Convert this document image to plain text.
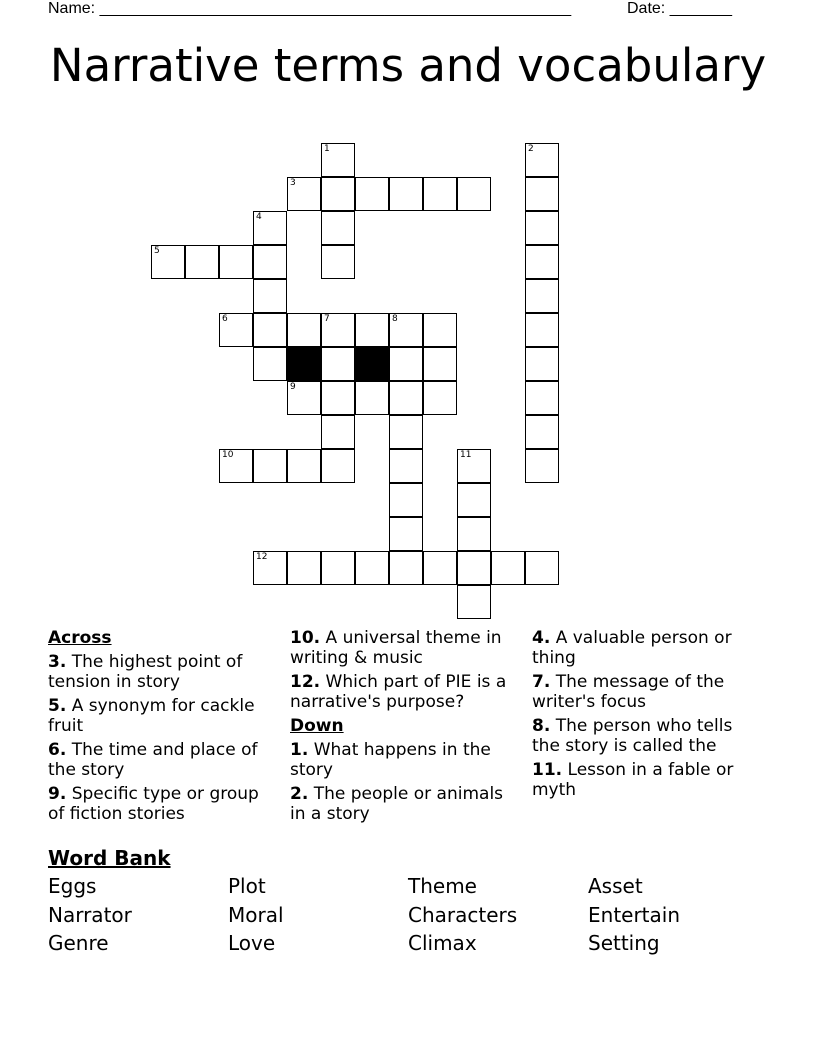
Name: _____________________________________________________	Date: _______
Narrative terms and vocabulary
1	2
3
4
5
6	7	8
9
10	11
12
Across
3. The highest point of tension in story
5. A synonym for cackle fruit
6. The time and place of the story
9. Specific type or group of fiction stories
10. A universal theme in writing & music
12. Which part of PIE is a narrative's purpose?
Down
1. What happens in the story
2. The people or animals in a story
4. A valuable person or thing
7. The message of the writer's focus
8. The person who tells the story is called the
11. Lesson in a fable or myth
Word Bank
Eggs	Plot	Theme	Asset
Narrator	Moral	Characters	Entertain
Genre	Love	Climax	Setting
